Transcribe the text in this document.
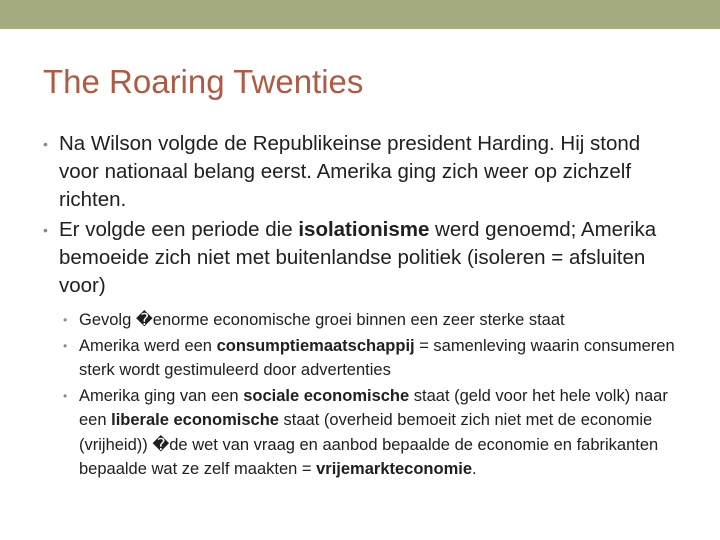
The Roaring Twenties
• Na Wilson volgde de Republikeinse president Harding. Hij stond voor nationaal belang eerst. Amerika ging zich weer op zichzelf richten.
• Er volgde een periode die isolationisme werd genoemd; Amerika bemoeide zich niet met buitenlandse politiek (isoleren = afsluiten voor)
• Gevolg �enorme economische groei binnen een zeer sterke staat
• Amerika werd een consumptiemaatschappij = samenleving waarin consumeren sterk wordt gestimuleerd door advertenties
• Amerika ging van een sociale economische staat (geld voor het hele volk) naar een liberale economische staat (overheid bemoeit zich niet met de economie (vrijheid)) �de wet van vraag en aanbod bepaalde de economie en fabrikanten bepaalde wat ze zelf maakten = vrijemarkteconomie.
